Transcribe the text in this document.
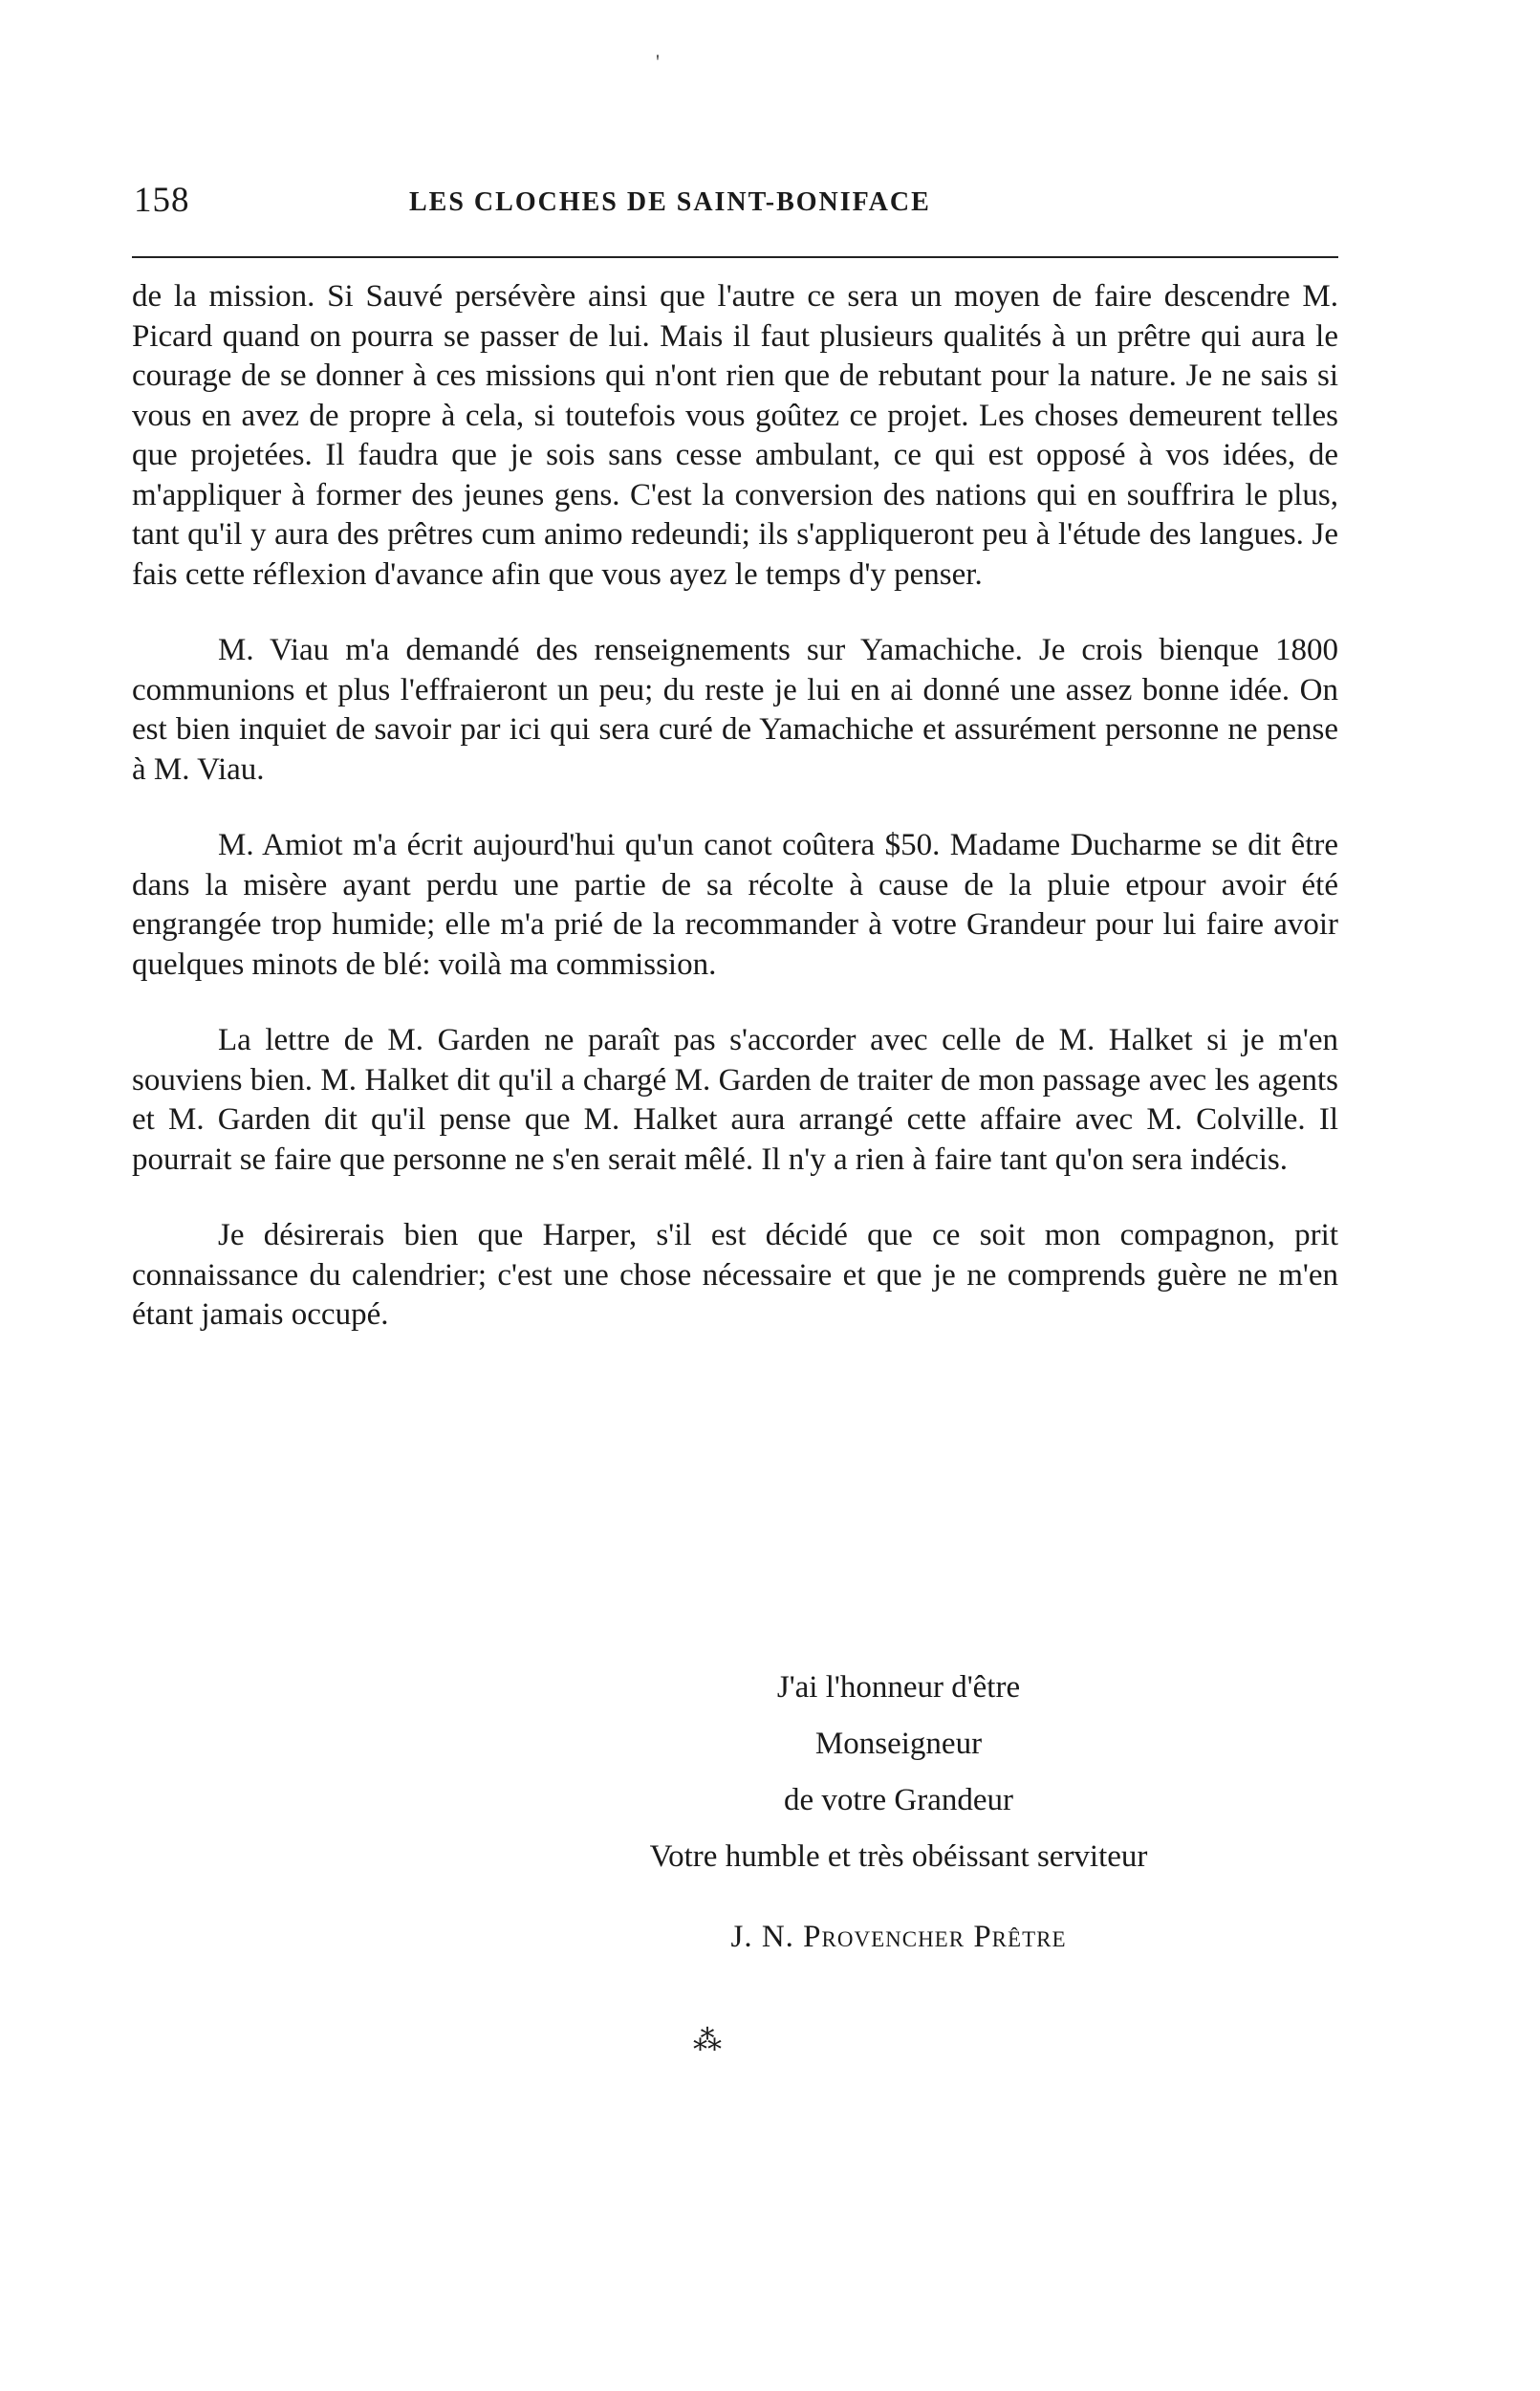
'
158	LES CLOCHES DE SAINT-BONIFACE

de la mission. Si Sauvé persévère ainsi que l'autre ce sera un moyen de faire descendre M. Picard quand on pourra se passer de lui. Mais il faut plusieurs qualités à un prêtre qui aura le courage de se donner à ces missions qui n'ont rien que de rebutant pour la nature. Je ne sais si vous en avez de propre à cela, si toutefois vous goûtez ce projet. Les choses demeurent telles que projetées. Il faudra que je sois sans cesse ambulant, ce qui est opposé à vos idées, de m'appliquer à former des jeunes gens. C'est la conversion des nations qui en souffrira le plus, tant qu'il y aura des prêtres cum animo redeundi; ils s'appliqueront peu à l'étude des langues. Je fais cette réflexion d'avance afin que vous ayez le temps d'y penser.

M. Viau m'a demandé des renseignements sur Yamachiche. Je crois bienque 1800 communions et plus l'effraieront un peu; du reste je lui en ai donné une assez bonne idée. On est bien inquiet de savoir par ici qui sera curé de Yamachiche et assurément personne ne pense à M. Viau.

M. Amiot m'a écrit aujourd'hui qu'un canot coûtera $50. Madame Ducharme se dit être dans la misère ayant perdu une partie de sa récolte à cause de la pluie etpour avoir été engrangée trop humide; elle m'a prié de la recommander à votre Grandeur pour lui faire avoir quelques minots de blé: voilà ma commission.

La lettre de M. Garden ne paraît pas s'accorder avec celle de M. Halket si je m'en souviens bien. M. Halket dit qu'il a chargé M. Garden de traiter de mon passage avec les agents et M. Garden dit qu'il pense que M. Halket aura arrangé cette affaire avec M. Colville. Il pourrait se faire que personne ne s'en serait mêlé. Il n'y a rien à faire tant qu'on sera indécis.

Je désirerais bien que Harper, s'il est décidé que ce soit mon compagnon, prit connaissance du calendrier; c'est une chose nécessaire et que je ne comprends guère ne m'en étant jamais occupé.

J'ai l'honneur d'être
Monseigneur
de votre Grandeur
Votre humble et très obéissant serviteur
J. N. Provencher Prêtre
⁂
